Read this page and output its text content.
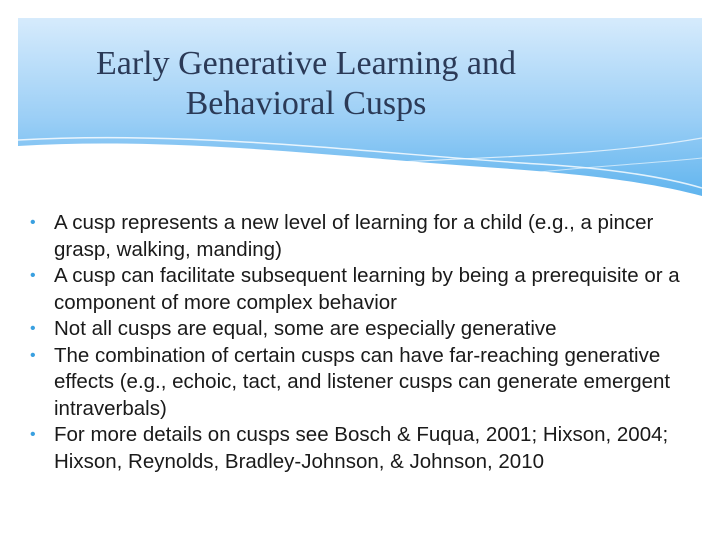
Early Generative Learning and Behavioral Cusps
• A cusp represents a new level of learning for a child (e.g., a pincer grasp, walking, manding)
• A cusp can facilitate subsequent learning by being a prerequisite or a component of more complex behavior
• Not all cusps are equal, some are especially generative
• The combination of certain cusps can have far-reaching generative effects (e.g., echoic, tact, and listener cusps can generate emergent intraverbals)
• For more details on cusps see Bosch & Fuqua, 2001; Hixson, 2004; Hixson, Reynolds, Bradley-Johnson, & Johnson, 2010
